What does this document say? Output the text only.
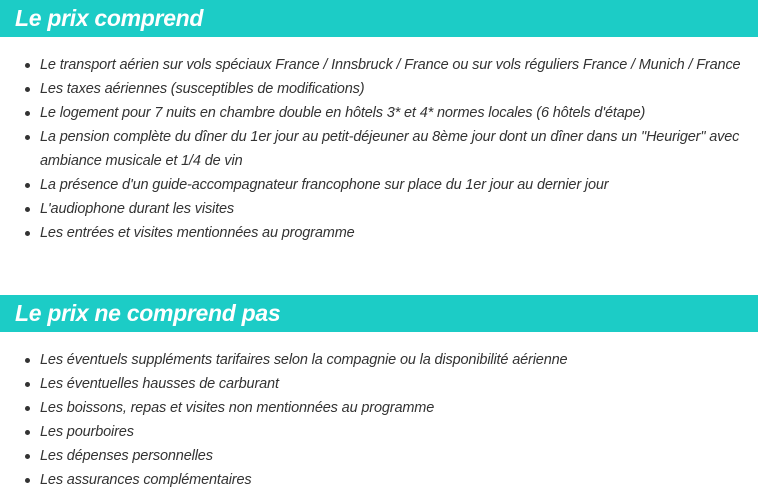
Le prix comprend
Le transport aérien sur vols spéciaux France / Innsbruck / France ou sur vols réguliers France / Munich / France
Les taxes aériennes (susceptibles de modifications)
Le logement pour 7 nuits en chambre double en hôtels 3* et 4* normes locales (6 hôtels d'étape)
La pension complète du dîner du 1er jour au petit-déjeuner au 8ème jour dont un dîner dans un "Heuriger" avec ambiance musicale et 1/4 de vin
La présence d'un guide-accompagnateur francophone sur place du 1er jour au dernier jour
L'audiophone durant les visites
Les entrées et visites mentionnées au programme
Le prix ne comprend pas
Les éventuels suppléments tarifaires selon la compagnie ou la disponibilité aérienne
Les éventuelles hausses de carburant
Les boissons, repas et visites non mentionnées au programme
Les pourboires
Les dépenses personnelles
Les assurances complémentaires
